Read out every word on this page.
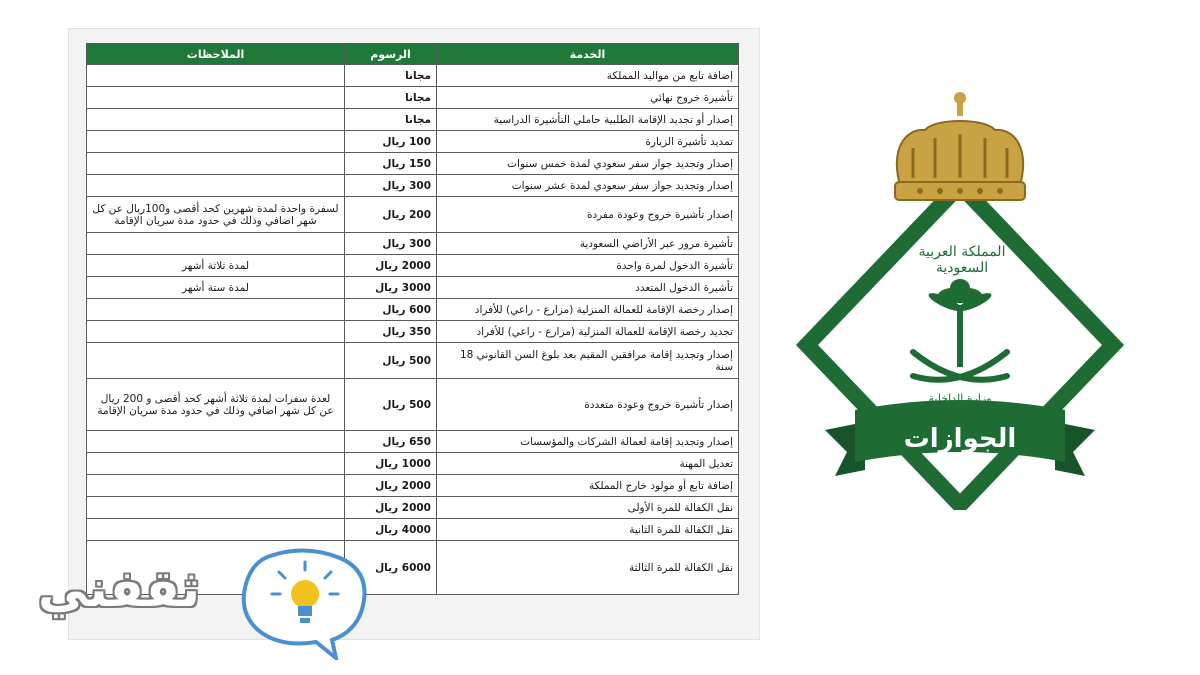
الخدمة	الرسوم	الملاحظات
إضافة تابع من مواليد المملكة	مجانا	
تأشيرة خروج نهائي	مجانا	
إصدار أو تجديد الإقامة الطلبية حاملي التأشيرة الدراسية	مجانا	
تمديد تأشيرة الزيارة	100 ريال	
إصدار وتجديد جواز سفر سعودي لمدة خمس سنوات	150 ريال	
إصدار وتجديد جواز سفر سعودي لمدة عشر سنوات	300 ريال	
إصدار تأشيرة خروج وعودة مفردة	200 ريال	لسفرة واحدة لمدة شهرين كحد أقصى و100ريال عن كل شهر اضافي وذلك في حدود مدة سريان الإقامة
تأشيرة مرور عبر الأراضي السعودية	300 ريال	
تأشيرة الدخول لمرة واحدة	2000 ريال	لمدة ثلاثة أشهر
تأشيرة الدخول المتعدد	3000 ريال	لمدة ستة أشهر
إصدار رخصة الإقامة للعمالة المنزلية (مزارع - راعي) للأفراد	600 ريال	
تجديد رخصة الإقامة للعمالة المنزلية (مزارع - راعي) للأفراد	350 ريال	
إصدار وتجديد إقامة مرافقين المقيم بعد بلوغ السن القانوني 18 سنة	500 ريال	
إصدار تأشيرة خروج وعودة متعددة	500 ريال	لعدة سفرات لمدة ثلاثة أشهر كحد أقصى و 200 ريال عن كل شهر اضافي وذلك في حدود مدة سريان الإقامة
إصدار وتجديد إقامة لعمالة الشركات والمؤسسات	650 ريال	
تعديل المهنة	1000 ريال	
إضافة تابع أو مولود خارج المملكة	2000 ريال	
نقل الكفالة للمرة الأولى	2000 ريال	
نقل الكفالة للمرة الثانية	4000 ريال	
نقل الكفالة للمرة الثالثة	6000 ريال	
المملكة العربية السعودية
وزارة الداخلية
الجوازات
ثقفني
